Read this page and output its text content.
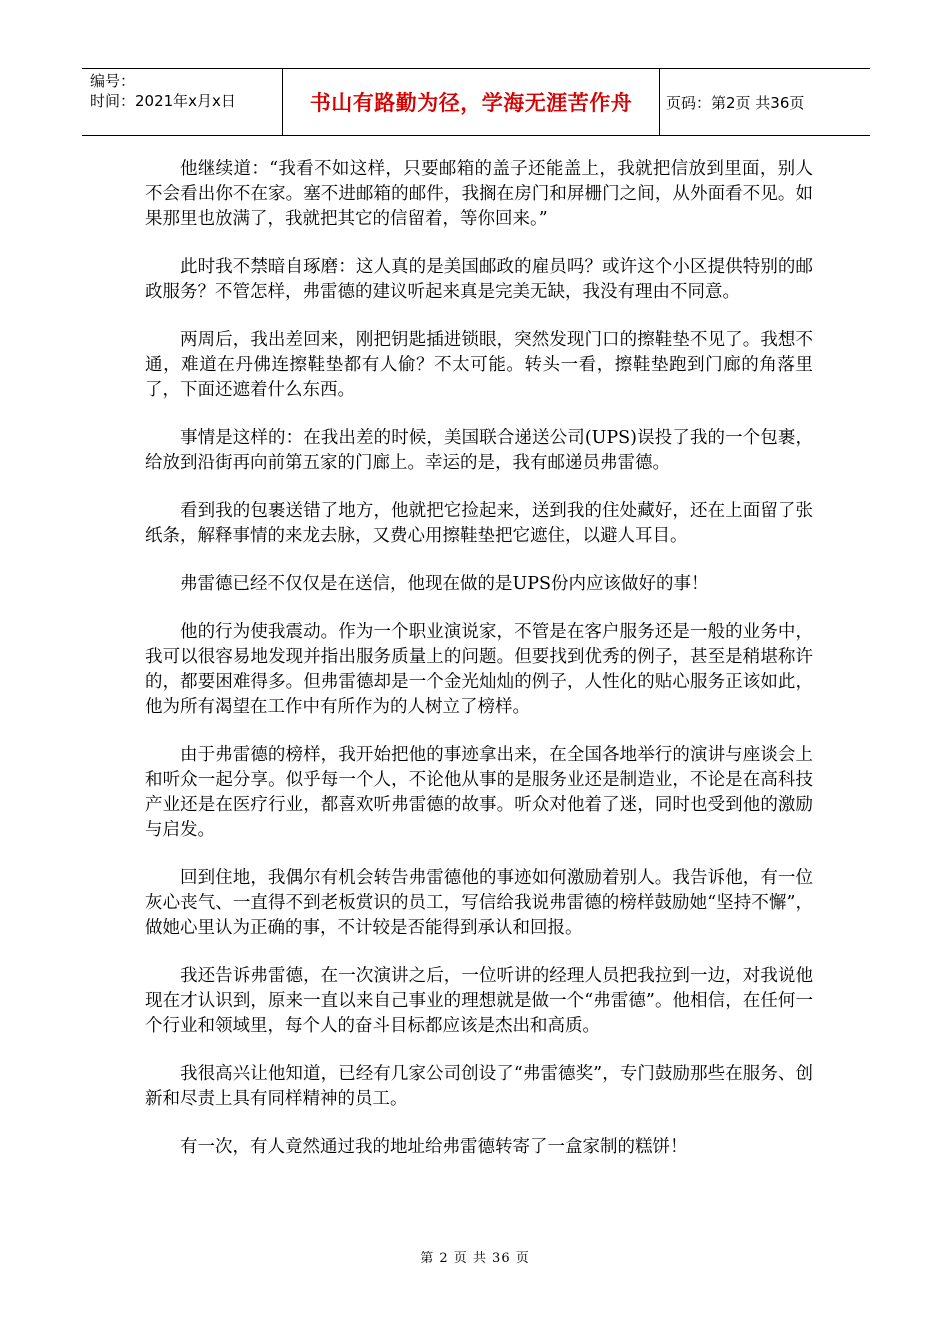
编号：
时间：2021年x月x日	书山有路勤为径，学海无涯苦作舟 页码：第2页 共36页

他继续道：“我看不如这样，只要邮箱的盖子还能盖上，我就把信放到里面，别人不会看出你不在家。塞不进邮箱的邮件，我搁在房门和屏栅门之间，从外面看不见。如果那里也放满了，我就把其它的信留着，等你回来。”

此时我不禁暗自琢磨：这人真的是美国邮政的雇员吗？或许这个小区提供特别的邮政服务？不管怎样，弗雷德的建议听起来真是完美无缺，我没有理由不同意。

两周后，我出差回来，刚把钥匙插进锁眼，突然发现门口的擦鞋垫不见了。我想不通，难道在丹佛连擦鞋垫都有人偷？不太可能。转头一看，擦鞋垫跑到门廊的角落里了，下面还遮着什么东西。

事情是这样的：在我出差的时候，美国联合递送公司(UPS)误投了我的一个包裹，给放到沿街再向前第五家的门廊上。幸运的是，我有邮递员弗雷德。

看到我的包裹送错了地方，他就把它捡起来，送到我的住处藏好，还在上面留了张纸条，解释事情的来龙去脉，又费心用擦鞋垫把它遮住，以避人耳目。

弗雷德已经不仅仅是在送信，他现在做的是UPS份内应该做好的事！

他的行为使我震动。作为一个职业演说家，不管是在客户服务还是一般的业务中，我可以很容易地发现并指出服务质量上的问题。但要找到优秀的例子，甚至是稍堪称许的，都要困难得多。但弗雷德却是一个金光灿灿的例子，人性化的贴心服务正该如此，他为所有渴望在工作中有所作为的人树立了榜样。

由于弗雷德的榜样，我开始把他的事迹拿出来，在全国各地举行的演讲与座谈会上和听众一起分享。似乎每一个人，不论他从事的是服务业还是制造业，不论是在高科技产业还是在医疗行业，都喜欢听弗雷德的故事。听众对他着了迷，同时也受到他的激励与启发。

回到住地，我偶尔有机会转告弗雷德他的事迹如何激励着别人。我告诉他，有一位灰心丧气、一直得不到老板赏识的员工，写信给我说弗雷德的榜样鼓励她“坚持不懈”，做她心里认为正确的事，不计较是否能得到承认和回报。

我还告诉弗雷德，在一次演讲之后，一位听讲的经理人员把我拉到一边，对我说他现在才认识到，原来一直以来自己事业的理想就是做一个“弗雷德”。他相信，在任何一个行业和领域里，每个人的奋斗目标都应该是杰出和高质。

我很高兴让他知道，已经有几家公司创设了“弗雷德奖”，专门鼓励那些在服务、创新和尽责上具有同样精神的员工。

有一次，有人竟然通过我的地址给弗雷德转寄了一盒家制的糕饼！

第 2 页 共 36 页
